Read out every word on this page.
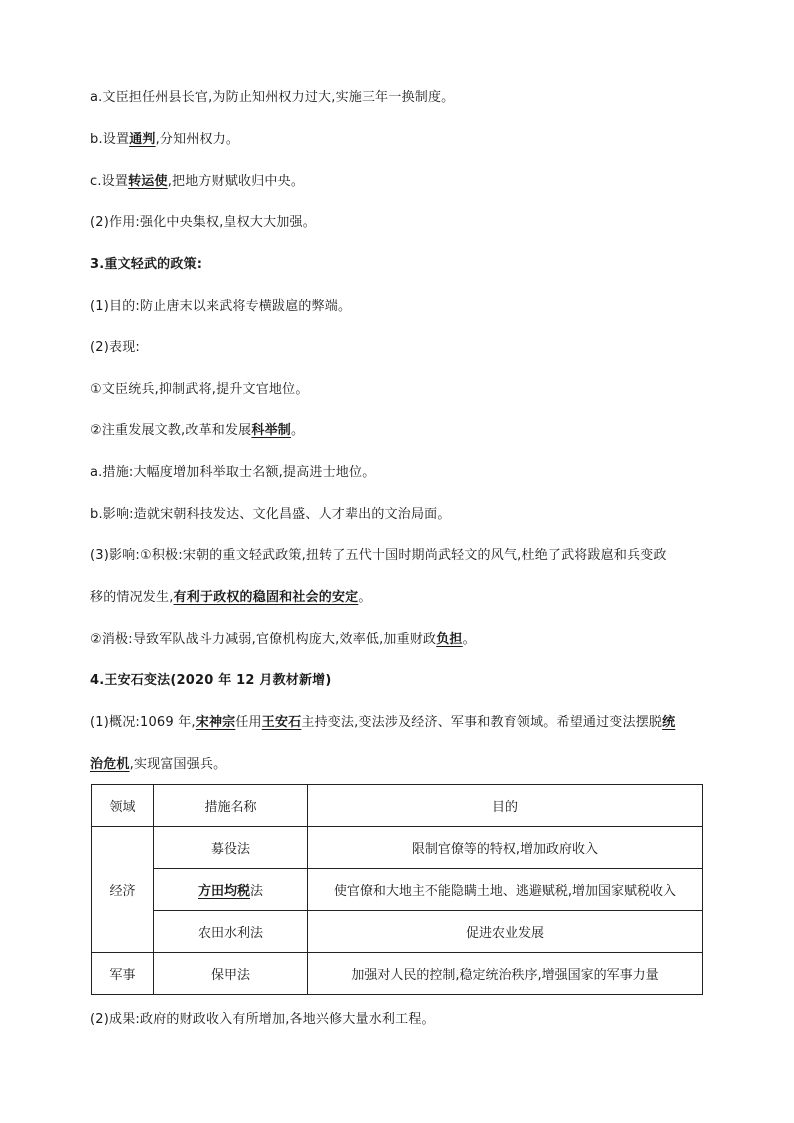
a.文臣担任州县长官,为防止知州权力过大,实施三年一换制度。
b.设置通判,分知州权力。
c.设置转运使,把地方财赋收归中央。
(2)作用:强化中央集权,皇权大大加强。
3.重文轻武的政策:
(1)目的:防止唐末以来武将专横跋扈的弊端。
(2)表现:
①文臣统兵,抑制武将,提升文官地位。
②注重发展文教,改革和发展科举制。
a.措施:大幅度增加科举取士名额,提高进士地位。
b.影响:造就宋朝科技发达、文化昌盛、人才辈出的文治局面。
(3)影响:①积极:宋朝的重文轻武政策,扭转了五代十国时期尚武轻文的风气,杜绝了武将跋扈和兵变政
移的情况发生,有利于政权的稳固和社会的安定。
②消极:导致军队战斗力减弱,官僚机构庞大,效率低,加重财政负担。
4.王安石变法(2020 年 12 月教材新增)
(1)概况:1069 年,宋神宗任用王安石主持变法,变法涉及经济、军事和教育领域。希望通过变法摆脱统
治危机,实现富国强兵。
领域	措施名称	目的
经济	募役法	限制官僚等的特权,增加政府收入
	方田均税法	使官僚和大地主不能隐瞒土地、逃避赋税,增加国家赋税收入
	农田水利法	促进农业发展
军事	保甲法	加强对人民的控制,稳定统治秩序,增强国家的军事力量
(2)成果:政府的财政收入有所增加,各地兴修大量水利工程。
